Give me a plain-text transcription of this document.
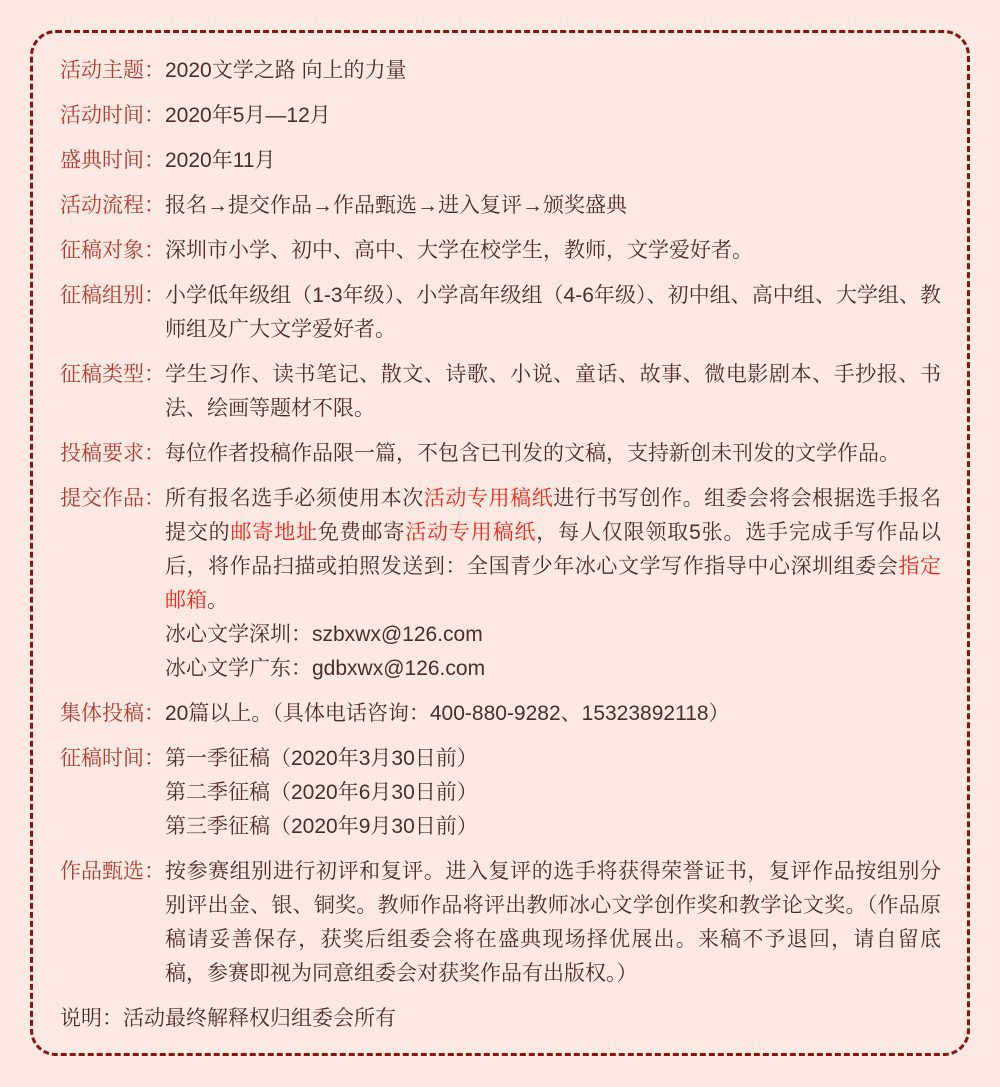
活动主题： 2020文学之路 向上的力量
活动时间： 2020年5月—12月
盛典时间： 2020年11月
活动流程： 报名→提交作品→作品甄选→进入复评→颁奖盛典
征稿对象： 深圳市小学、初中、高中、大学在校学生，教师，文学爱好者。
征稿组别： 小学低年级组（1-3年级）、小学高年级组（4-6年级）、初中组、高中组、大学组、教师组及广大文学爱好者。
征稿类型： 学生习作、读书笔记、散文、诗歌、小说、童话、故事、微电影剧本、手抄报、书法、绘画等题材不限。
投稿要求： 每位作者投稿作品限一篇，不包含已刊发的文稿，支持新创未刊发的文学作品。
提交作品： 所有报名选手必须使用本次活动专用稿纸进行书写创作。组委会将会根据选手报名提交的邮寄地址免费邮寄活动专用稿纸，每人仅限领取5张。选手完成手写作品以后，将作品扫描或拍照发送到：全国青少年冰心文学写作指导中心深圳组委会指定邮箱。
冰心文学深圳：szbxwx@126.com
冰心文学广东：gdbxwx@126.com
集体投稿： 20篇以上。（具体电话咨询：400-880-9282、15323892118）
征稿时间： 第一季征稿（2020年3月30日前）
第二季征稿（2020年6月30日前）
第三季征稿（2020年9月30日前）
作品甄选： 按参赛组别进行初评和复评。进入复评的选手将获得荣誉证书，复评作品按组别分别评出金、银、铜奖。教师作品将评出教师冰心文学创作奖和教学论文奖。（作品原稿请妥善保存，获奖后组委会将在盛典现场择优展出。来稿不予退回，请自留底稿，参赛即视为同意组委会对获奖作品有出版权。）
说明： 活动最终解释权归组委会所有
